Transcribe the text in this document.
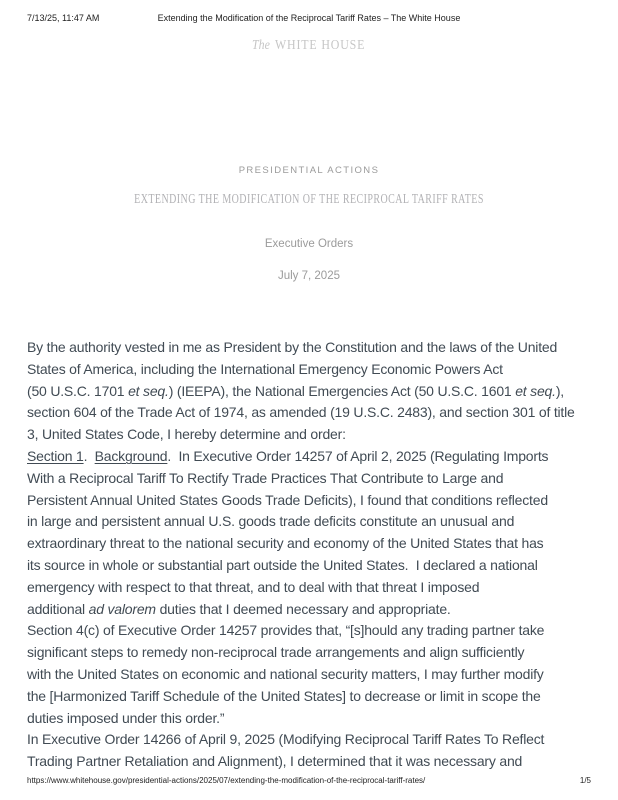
Extending the Modification of the Reciprocal Tariff Rates – The White House
7/13/25, 11:47 AM
The WHITE HOUSE
PRESIDENTIAL ACTIONS
EXTENDING THE MODIFICATION OF THE RECIPROCAL TARIFF RATES
Executive Orders
July 7, 2025
By the authority vested in me as President by the Constitution and the laws of the United
States of America, including the International Emergency Economic Powers Act
(50 U.S.C. 1701 et seq.) (IEEPA), the National Emergencies Act (50 U.S.C. 1601 et seq.),
section 604 of the Trade Act of 1974, as amended (19 U.S.C. 2483), and section 301 of title
3, United States Code, I hereby determine and order:
Section 1.  Background.  In Executive Order 14257 of April 2, 2025 (Regulating Imports
With a Reciprocal Tariff To Rectify Trade Practices That Contribute to Large and
Persistent Annual United States Goods Trade Deficits), I found that conditions reflected
in large and persistent annual U.S. goods trade deficits constitute an unusual and
extraordinary threat to the national security and economy of the United States that has
its source in whole or substantial part outside the United States.  I declared a national
emergency with respect to that threat, and to deal with that threat I imposed
additional ad valorem duties that I deemed necessary and appropriate.
Section 4(c) of Executive Order 14257 provides that, “[s]hould any trading partner take
significant steps to remedy non-reciprocal trade arrangements and align sufficiently
with the United States on economic and national security matters, I may further modify
the [Harmonized Tariff Schedule of the United States] to decrease or limit in scope the
duties imposed under this order.”
In Executive Order 14266 of April 9, 2025 (Modifying Reciprocal Tariff Rates To Reflect
Trading Partner Retaliation and Alignment), I determined that it was necessary and
https://www.whitehouse.gov/presidential-actions/2025/07/extending-the-modification-of-the-reciprocal-tariff-rates/	1/5
